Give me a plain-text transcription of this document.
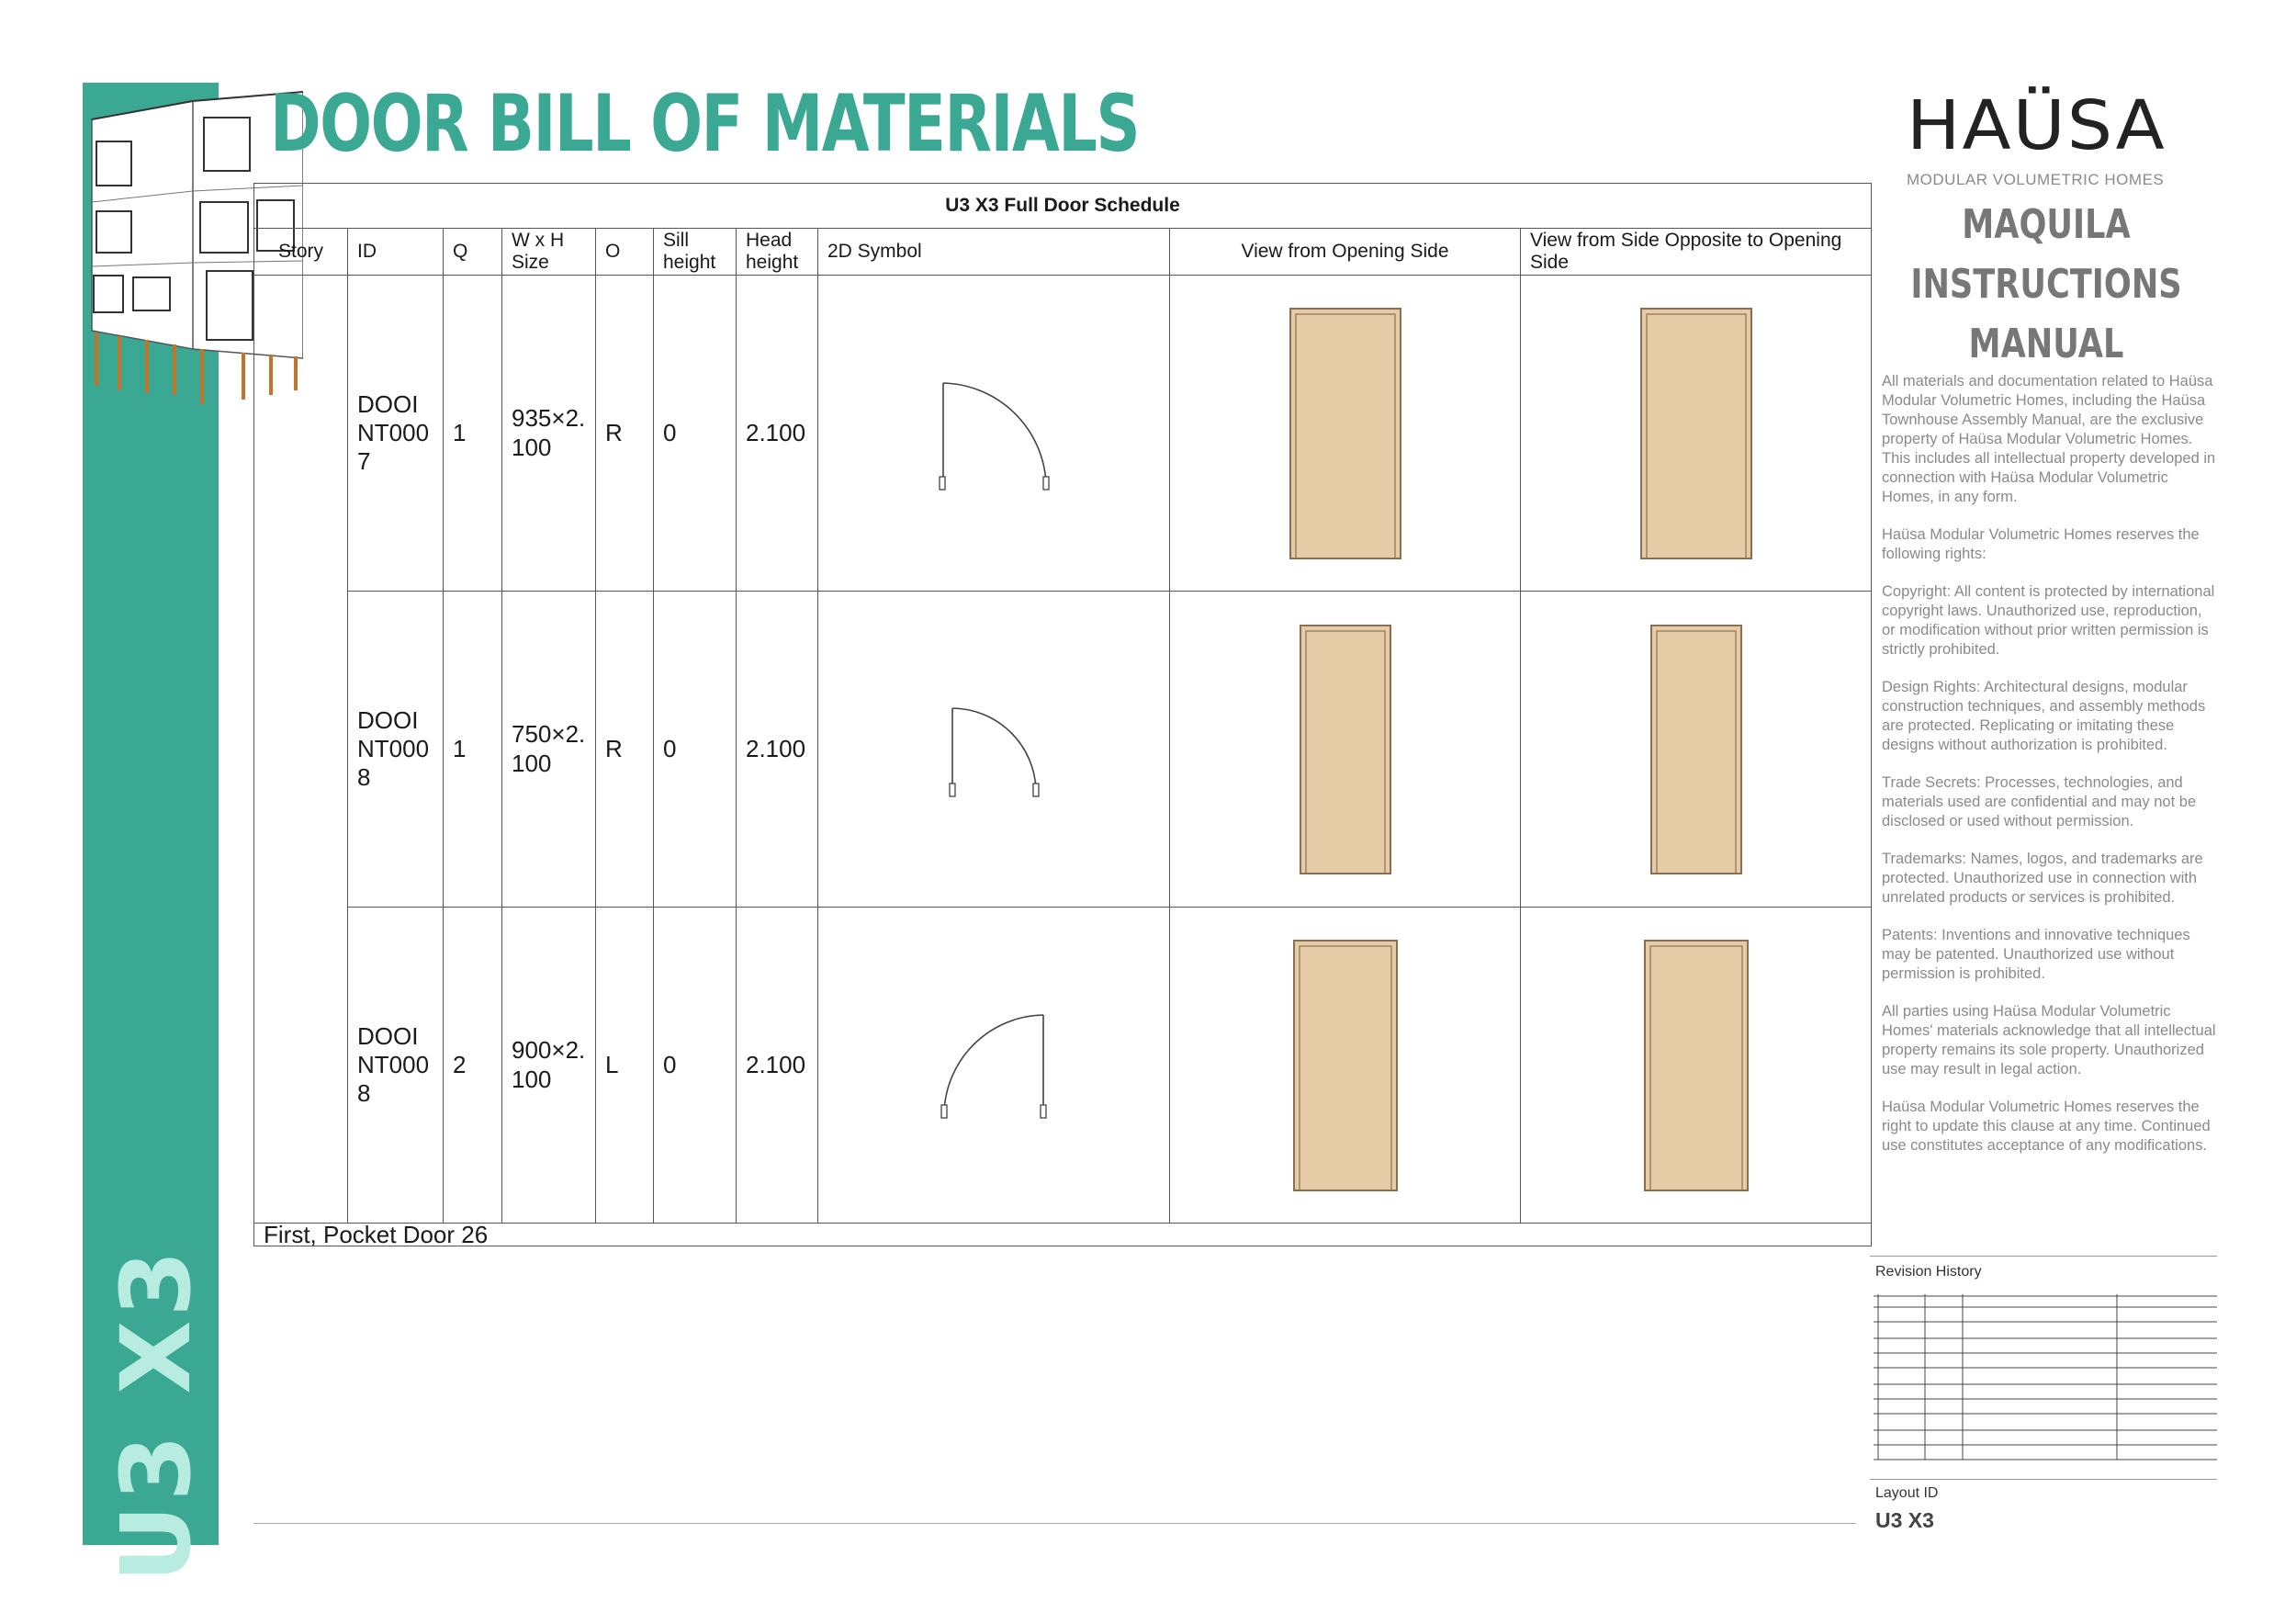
U3 X3
DOOR BILL OF MATERIALS
U3 X3 Full Door Schedule									
Story	ID	Q	W x H Size	O	Sill height	Head height	2D Symbol	View from Opening Side	View from Side Opposite to Opening Side
	DOOINT0007	1	935×2.100	R	0	2.100	

	DOOINT0008	1	750×2.100	R	0	2.100	

	DOOINT0008	2	900×2.100	L	0	2.100	

First, Pocket Door 26									
HAÜSA
MODULAR VOLUMETRIC HOMES
MAQUILA
INSTRUCTIONS
MANUAL

All materials and documentation related to Haüsa Modular Volumetric Homes, including the Haüsa Townhouse Assembly Manual, are the exclusive property of Haüsa Modular Volumetric Homes. This includes all intellectual property developed in connection with Haüsa Modular Volumetric Homes, in any form.

Haüsa Modular Volumetric Homes reserves the following rights:

Copyright: All content is protected by international copyright laws. Unauthorized use, reproduction, or modification without prior written permission is strictly prohibited.

Design Rights: Architectural designs, modular construction techniques, and assembly methods are protected. Replicating or imitating these designs without authorization is prohibited.

Trade Secrets: Processes, technologies, and materials used are confidential and may not be disclosed or used without permission.

Trademarks: Names, logos, and trademarks are protected. Unauthorized use in connection with unrelated products or services is prohibited.

Patents: Inventions and innovative techniques may be patented. Unauthorized use without permission is prohibited.

All parties using Haüsa Modular Volumetric Homes' materials acknowledge that all intellectual property remains its sole property. Unauthorized use may result in legal action.

Haüsa Modular Volumetric Homes reserves the right to update this clause at any time. Continued use constitutes acceptance of any modifications.

Revision History
Layout ID
U3 X3
